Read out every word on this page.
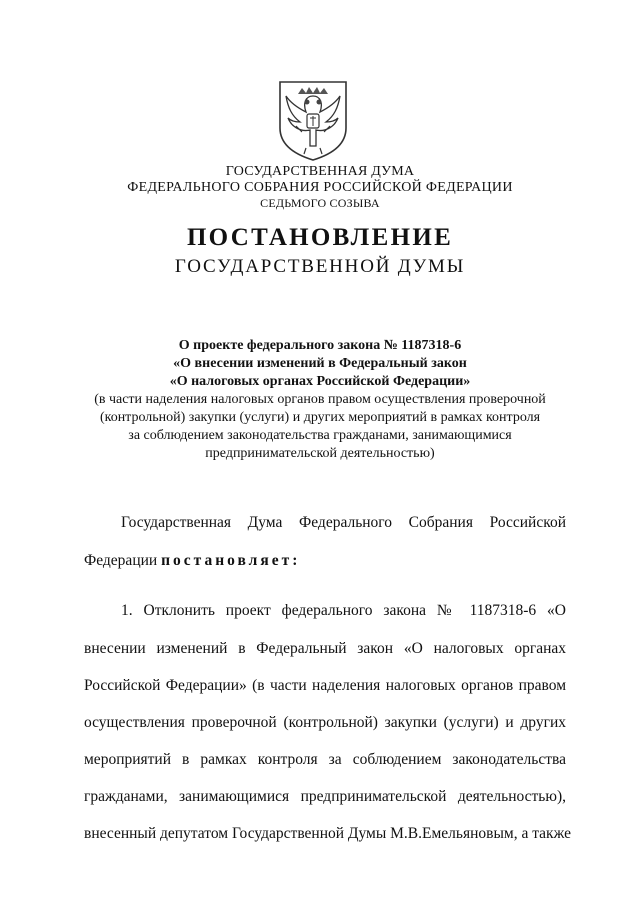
ГОСУДАРСТВЕННАЯ ДУМА
ФЕДЕРАЛЬНОГО СОБРАНИЯ РОССИЙСКОЙ ФЕДЕРАЦИИ
СЕДЬМОГО СОЗЫВА
ПОСТАНОВЛЕНИЕ
ГОСУДАРСТВЕННОЙ ДУМЫ
О проекте федерального закона № 1187318-6
«О внесении изменений в Федеральный закон
«О налоговых органах Российской Федерации»
(в части наделения налоговых органов правом осуществления проверочной
(контрольной) закупки (услуги) и других мероприятий в рамках контроля
за соблюдением законодательства гражданами, занимающимися
предпринимательской деятельностью)
Государственная Дума Федерального Собрания Российской
Федерации постановляет:
1. Отклонить проект федерального закона № 1187318-6 «О
внесении изменений в Федеральный закон «О налоговых органах
Российской Федерации» (в части наделения налоговых органов правом
осуществления проверочной (контрольной) закупки (услуги) и других
мероприятий в рамках контроля за соблюдением законодательства
гражданами, занимающимися предпринимательской деятельностью),
внесенный депутатом Государственной Думы М.В.Емельяновым, а также
